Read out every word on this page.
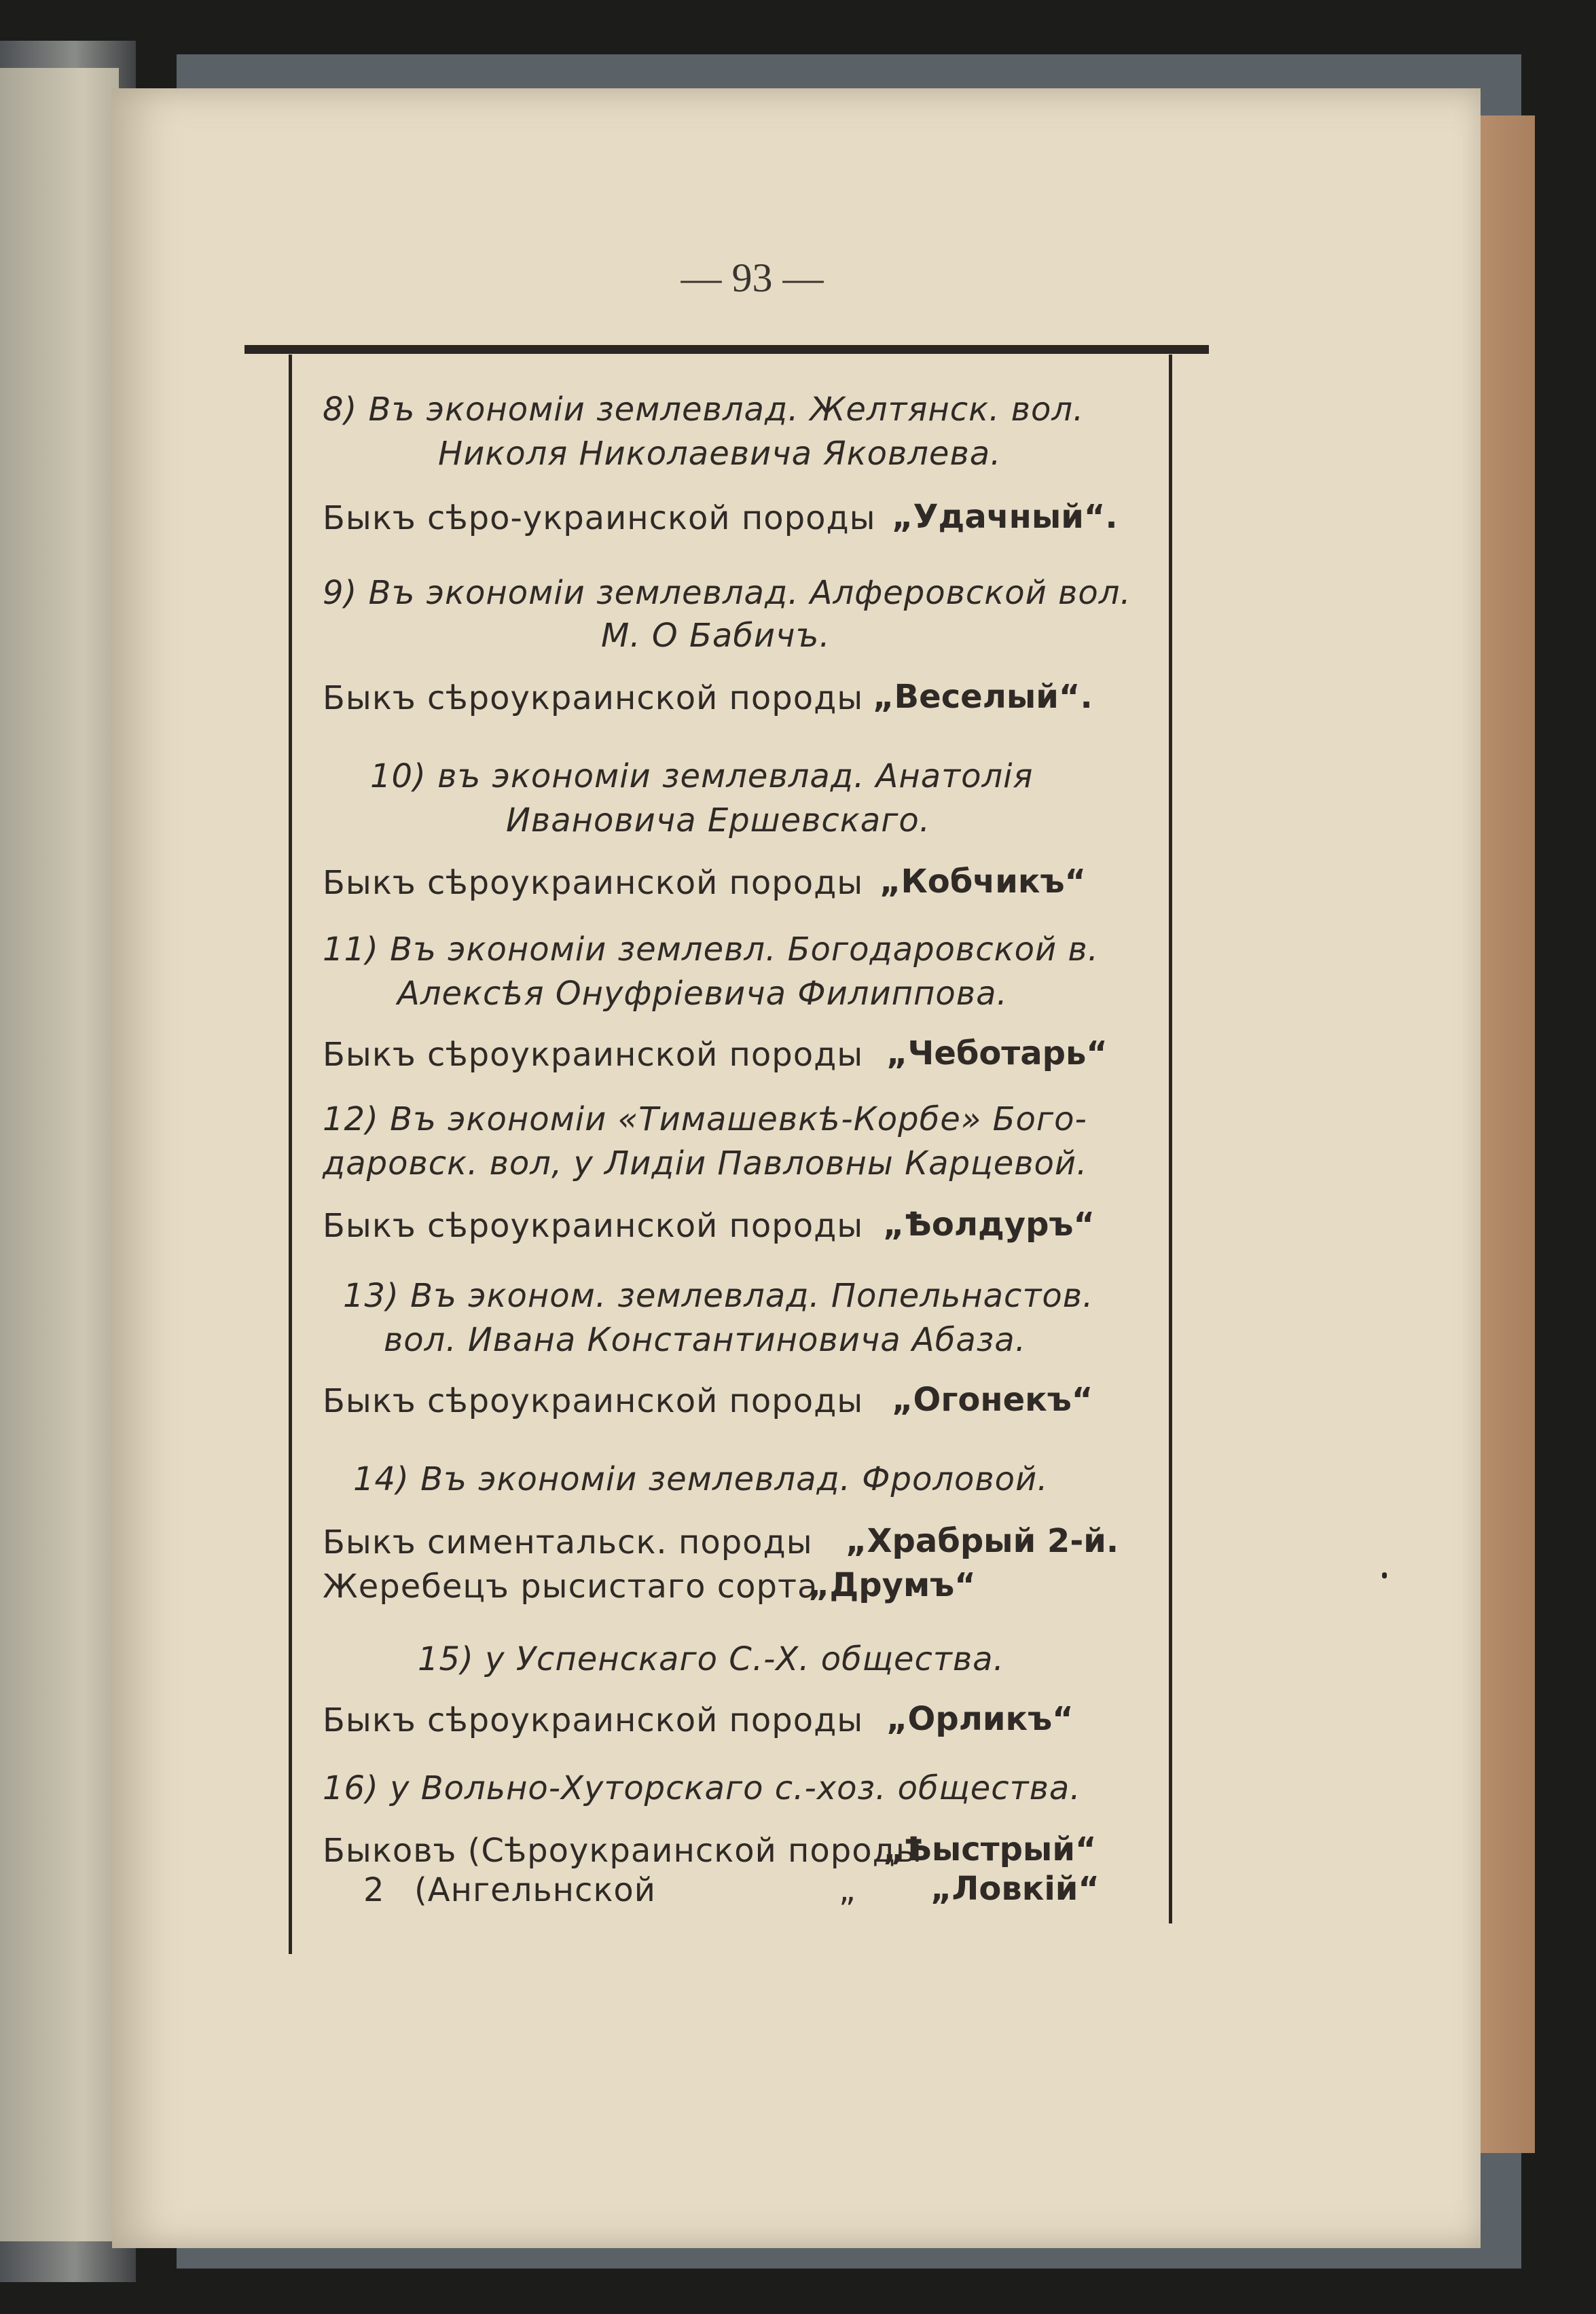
— 93 —
8) Въ экономіи землевлад. Желтянск. вол.
Николя Николаевича Яковлева.
Быкъ сѣро-украинской породы „Удачный“.
9) Въ экономіи землевлад. Алферовской вол.
М. О Бабичъ.
Быкъ сѣроукраинской породы „Веселый“.
10) въ экономіи землевлад. Анатолія
Ивановича Ершевскаго.
Быкъ сѣроукраинской породы „Кобчикъ“
11) Въ экономіи землевл. Богодаровской в.
Алексѣя Онуфріевича Филиппова.
Быкъ сѣроукраинской породы „Чеботарь“
12) Въ экономіи «Тимашевкѣ-Корбе» Бого-
даровск. вол, у Лидіи Павловны Карцевой.
Быкъ сѣроукраинской породы „Ѣолдуръ“
13) Въ эконом. землевлад. Попельнастов.
вол. Ивана Константиновича Абаза.
Быкъ сѣроукраинской породы „Огонекъ“
14) Въ экономіи землевлад. Фроловой.
Быкъ симентальск. породы „Храбрый 2-й.
Жеребецъ рысистаго сорта
„Друмъ“
15) у Успенскаго С.-Х. общества.
Быкъ сѣроукраинской породы „Орликъ“
16) у Вольно-Хуторскаго с.-хоз. общества.
Быковъ (Сѣроукраинской породы
„Ѣыстрый“
2 (Ангельнской	„ „Ловкій“
